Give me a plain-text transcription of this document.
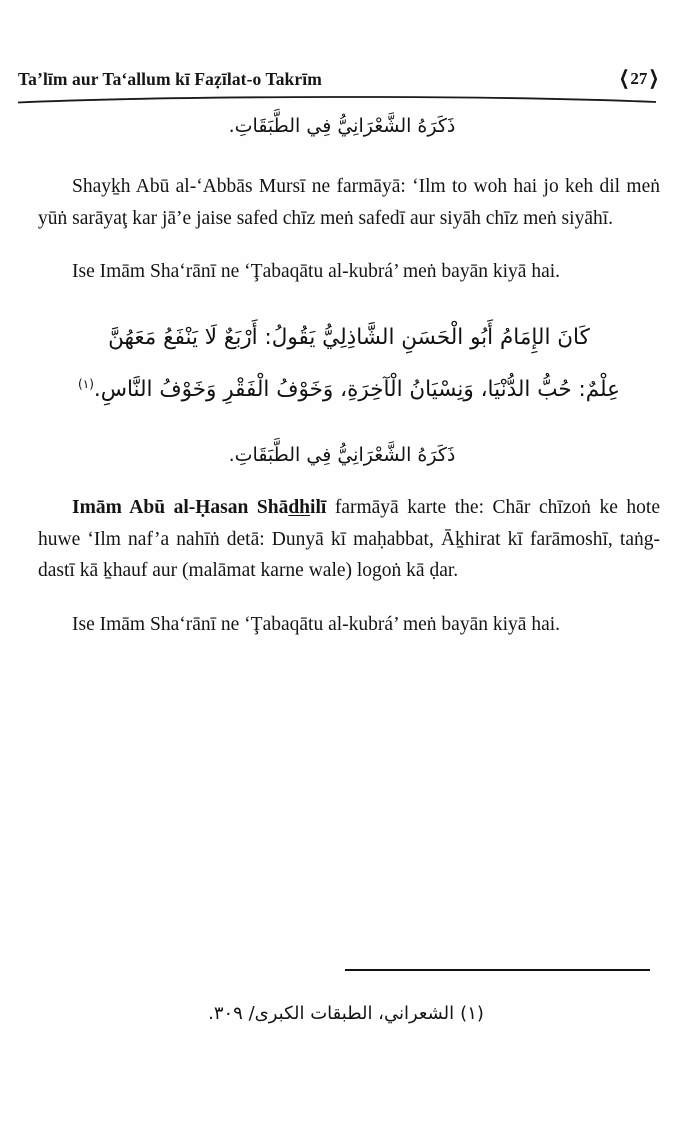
Ta’līm aur Ta‘allum kī Faẓīlat-o Takrīm	❬ 27 ❭
ذَكَرَهُ الشَّعْرَانِيُّ فِي الطَّبَقَاتِ.

Shayḵh Abū al-‘Abbās Mursī ne farmāyā: ‘Ilm to woh hai jo keh dil meṅ yūṅ sarāyaţ kar jā’e jaise safed chīz meṅ safedī aur siyāh chīz meṅ siyāhī.

Ise Imām Sha‘rānī ne ‘Ţabaqātu al-kubrá’ meṅ bayān kiyā hai.

كَانَ الإِمَامُ أَبُو الْحَسَنِ الشَّاذِلِيُّ يَقُولُ: أَرْبَعٌ لَا يَنْفَعُ مَعَهُنَّ
عِلْمٌ: حُبُّ الدُّنْيَا، وَنِسْيَانُ الْآخِرَةِ، وَخَوْفُ الْفَقْرِ وَخَوْفُ النَّاسِ.$^{(١)}$
ذَكَرَهُ الشَّعْرَانِيُّ فِي الطَّبَقَاتِ.

Imām Abū al-Ḥasan Shādhilī farmāyā karte the: Chār chīzoṅ ke hote huwe ‘Ilm naf’a nahīṅ detā: Dunyā kī maḥabbat, Āḵhirat kī farāmoshī, taṅg-dastī kā ḵhauf aur (malāmat karne wale) logoṅ kā ḍar.

Ise Imām Sha‘rānī ne ‘Ţabaqātu al-kubrá’ meṅ bayān kiyā hai.

(١)الشعراني، الطبقات الكبرى/ ٣٠٩.
